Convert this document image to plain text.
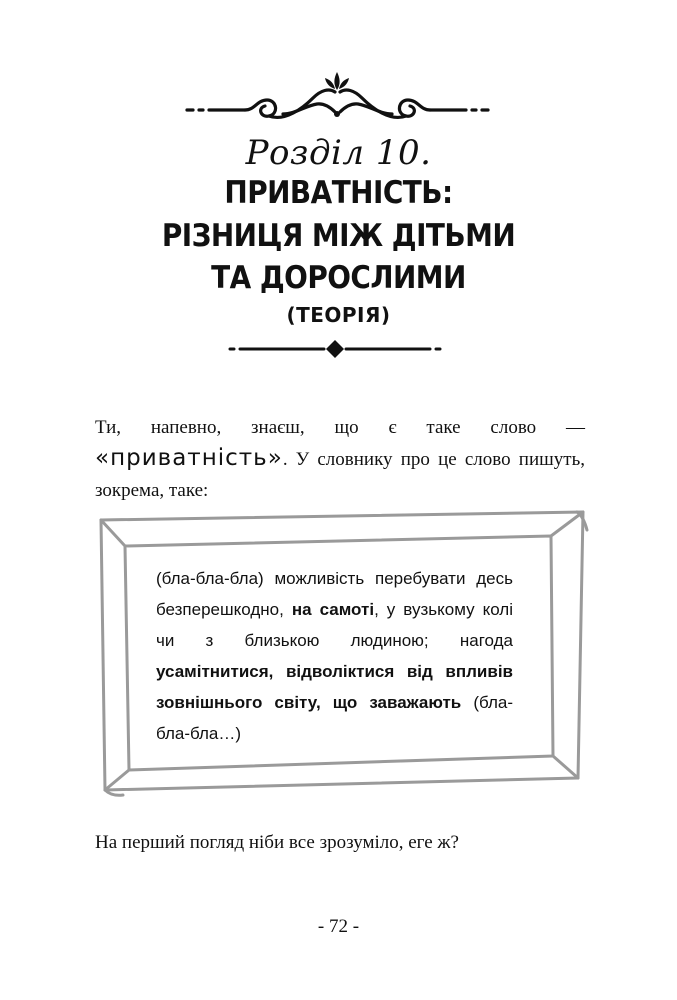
Розділ 10.
ПРИВАТНІСТЬ:
РІЗНИЦЯ МІЖ ДІТЬМИ
ТА ДОРОСЛИМИ
(ТЕОРІЯ)

Ти, напевно, знаєш, що є таке слово — «приватність». У словнику про це слово пишуть, зокрема, таке:

(бла-бла-бла) можливість перебувати десь безперешкодно, на самоті, у вузькому колі чи з близькою людиною; нагода усамітнитися, відволіктися від впливів зовнішнього світу, що заважають (бла-бла-бла…)

На перший погляд ніби все зрозуміло, еге ж?

- 72 -
